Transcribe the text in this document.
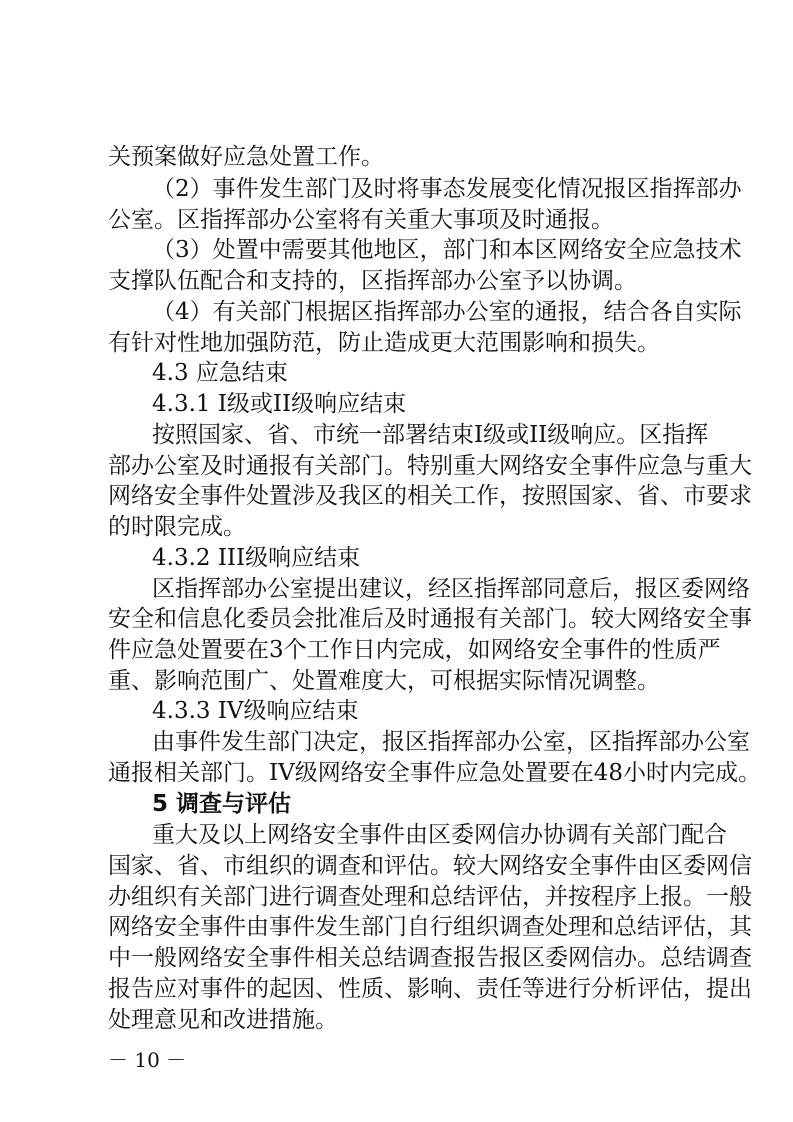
关预案做好应急处置工作。
（2）事件发生部门及时将事态发展变化情况报区指挥部办
公室。区指挥部办公室将有关重大事项及时通报。
（3）处置中需要其他地区，部门和本区网络安全应急技术
支撑队伍配合和支持的，区指挥部办公室予以协调。
（4）有关部门根据区指挥部办公室的通报，结合各自实际
有针对性地加强防范，防止造成更大范围影响和损失。
4.3 应急结束
4.3.1 I级或II级响应结束
按照国家、省、市统一部署结束I级或II级响应。区指挥
部办公室及时通报有关部门。特别重大网络安全事件应急与重大
网络安全事件处置涉及我区的相关工作，按照国家、省、市要求
的时限完成。
4.3.2 III级响应结束
区指挥部办公室提出建议，经区指挥部同意后，报区委网络
安全和信息化委员会批准后及时通报有关部门。较大网络安全事
件应急处置要在3个工作日内完成，如网络安全事件的性质严
重、影响范围广、处置难度大，可根据实际情况调整。
4.3.3 IV级响应结束
由事件发生部门决定，报区指挥部办公室，区指挥部办公室
通报相关部门。IV级网络安全事件应急处置要在48小时内完成。
5 调查与评估
重大及以上网络安全事件由区委网信办协调有关部门配合
国家、省、市组织的调查和评估。较大网络安全事件由区委网信
办组织有关部门进行调查处理和总结评估，并按程序上报。一般
网络安全事件由事件发生部门自行组织调查处理和总结评估，其
中一般网络安全事件相关总结调查报告报区委网信办。总结调查
报告应对事件的起因、性质、影响、责任等进行分析评估，提出
处理意见和改进措施。
－ 10 －
